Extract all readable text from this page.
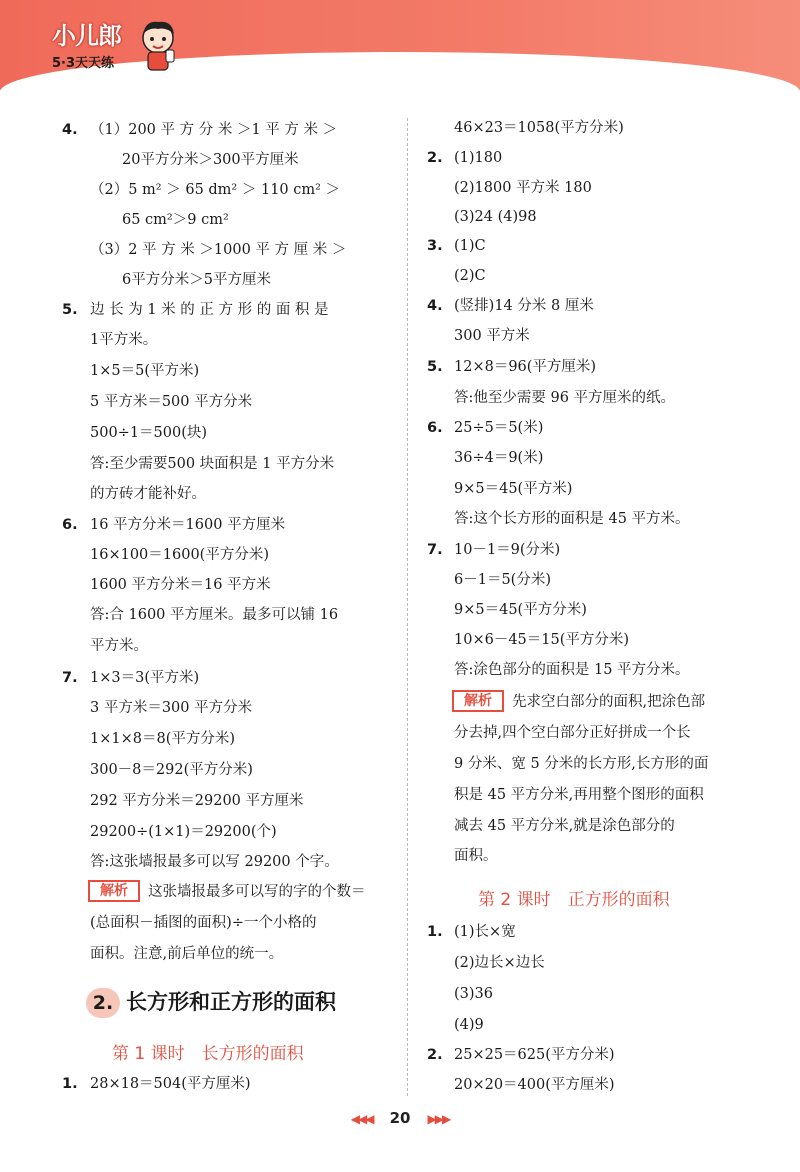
小儿郎
5·3天天练
4. （1）200 平 方 分 米 ＞1 平 方 米 ＞
20平方分米＞300平方厘米
（2）5 m² ＞ 65 dm² ＞ 110 cm² ＞
65 cm²＞9 cm²
（3）2 平 方 米 ＞1000 平 方 厘 米 ＞
6平方分米＞5平方厘米
5. 边 长 为 1 米 的 正 方 形 的 面 积 是
1平方米。
1×5＝5(平方米)
5 平方米＝500 平方分米
500÷1＝500(块)
答:至少需要500 块面积是 1 平方分米
的方砖才能补好。
6. 16 平方分米＝1600 平方厘米
16×100＝1600(平方分米)
1600 平方分米＝16 平方米
答:合 1600 平方厘米。最多可以铺 16
平方米。
7. 1×3＝3(平方米)
3 平方米＝300 平方分米
1×1×8＝8(平方分米)
300－8＝292(平方分米)
292 平方分米＝29200 平方厘米
29200÷(1×1)＝29200(个)
答:这张墙报最多可以写 29200 个字。
解析	这张墙报最多可以写的字的个数＝
(总面积－插图的面积)÷一个小格的
面积。注意,前后单位的统一。
2. 长方形和正方形的面积
第 1 课时　长方形的面积
1. 28×18＝504(平方厘米)
46×23＝1058(平方分米)
2. (1)180
(2)1800 平方米 180
(3)24 (4)98
3. (1)C
(2)C
4. (竖排)14 分米 8 厘米
300 平方米
5. 12×8＝96(平方厘米)
答:他至少需要 96 平方厘米的纸。
6. 25÷5＝5(米)
36÷4＝9(米)
9×5＝45(平方米)
答:这个长方形的面积是 45 平方米。
7. 10－1＝9(分米)
6－1＝5(分米)
9×5＝45(平方分米)
10×6－45＝15(平方分米)
答:涂色部分的面积是 15 平方分米。
解析	先求空白部分的面积,把涂色部
分去掉,四个空白部分正好拼成一个长
9 分米、宽 5 分米的长方形,长方形的面
积是 45 平方分米,再用整个图形的面积
减去 45 平方分米,就是涂色部分的
面积。
第 2 课时　正方形的面积
1. (1)长×宽
(2)边长×边长
(3)36
(4)9
2. 25×25＝625(平方分米)
20×20＝400(平方厘米)
◀◀◀ 20 ▶▶▶
